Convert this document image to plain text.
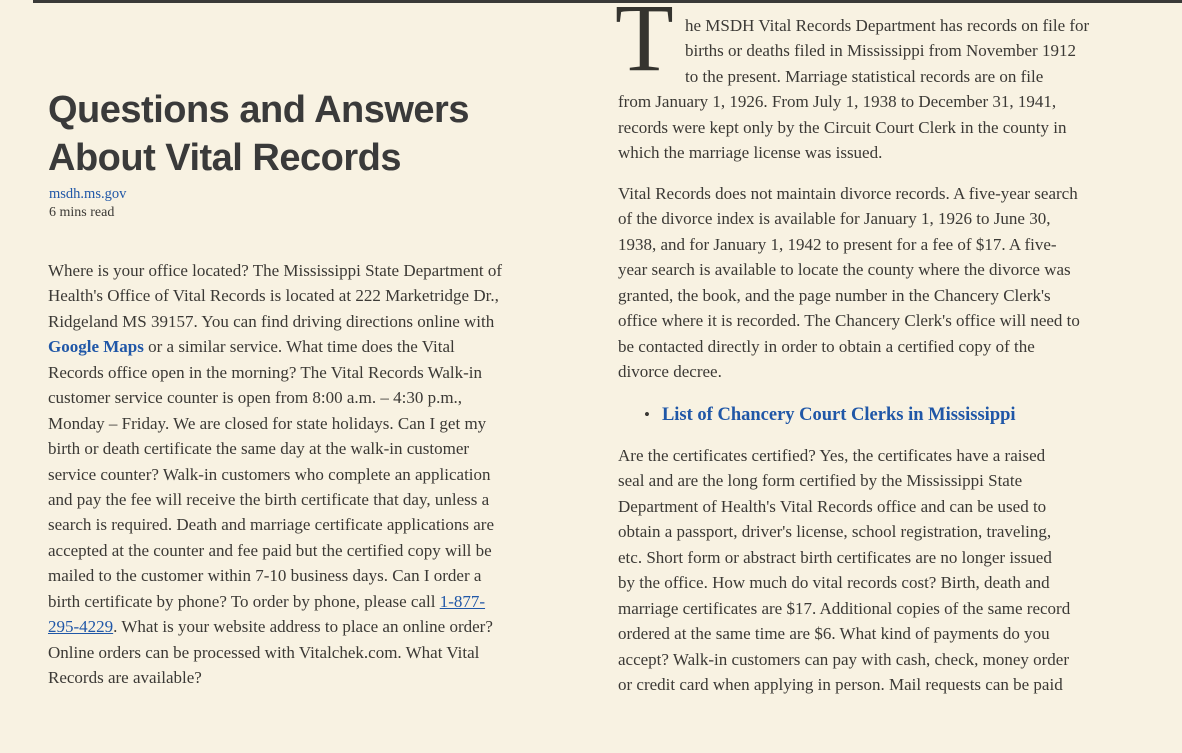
Questions and Answers
About Vital Records
msdh.ms.gov
6 mins read
Where is your office located? The Mississippi State Department of
Health's Office of Vital Records is located at 222 Marketridge Dr.,
Ridgeland MS 39157. You can find driving directions online with
Google Maps or a similar service. What time does the Vital
Records office open in the morning? The Vital Records Walk-in
customer service counter is open from 8:00 a.m. – 4:30 p.m.,
Monday – Friday. We are closed for state holidays. Can I get my
birth or death certificate the same day at the walk-in customer
service counter? Walk-in customers who complete an application
and pay the fee will receive the birth certificate that day, unless a
search is required. Death and marriage certificate applications are
accepted at the counter and fee paid but the certified copy will be
mailed to the customer within 7-10 business days. Can I order a
birth certificate by phone? To order by phone, please call 1-877-
295-4229. What is your website address to place an online order?
Online orders can be processed with Vitalchek.com. What Vital
Records are available?
T he MSDH Vital Records Department has records on file for
births or deaths filed in Mississippi from November 1912
to the present. Marriage statistical records are on file
from January 1, 1926. From July 1, 1938 to December 31, 1941,
records were kept only by the Circuit Court Clerk in the county in
which the marriage license was issued.
Vital Records does not maintain divorce records. A five-year search
of the divorce index is available for January 1, 1926 to June 30,
1938, and for January 1, 1942 to present for a fee of $17. A five-
year search is available to locate the county where the divorce was
granted, the book, and the page number in the Chancery Clerk's
office where it is recorded. The Chancery Clerk's office will need to
be contacted directly in order to obtain a certified copy of the
divorce decree.
• List of Chancery Court Clerks in Mississippi
Are the certificates certified? Yes, the certificates have a raised
seal and are the long form certified by the Mississippi State
Department of Health's Vital Records office and can be used to
obtain a passport, driver's license, school registration, traveling,
etc. Short form or abstract birth certificates are no longer issued
by the office. How much do vital records cost? Birth, death and
marriage certificates are $17. Additional copies of the same record
ordered at the same time are $6. What kind of payments do you
accept? Walk-in customers can pay with cash, check, money order
or credit card when applying in person. Mail requests can be paid
